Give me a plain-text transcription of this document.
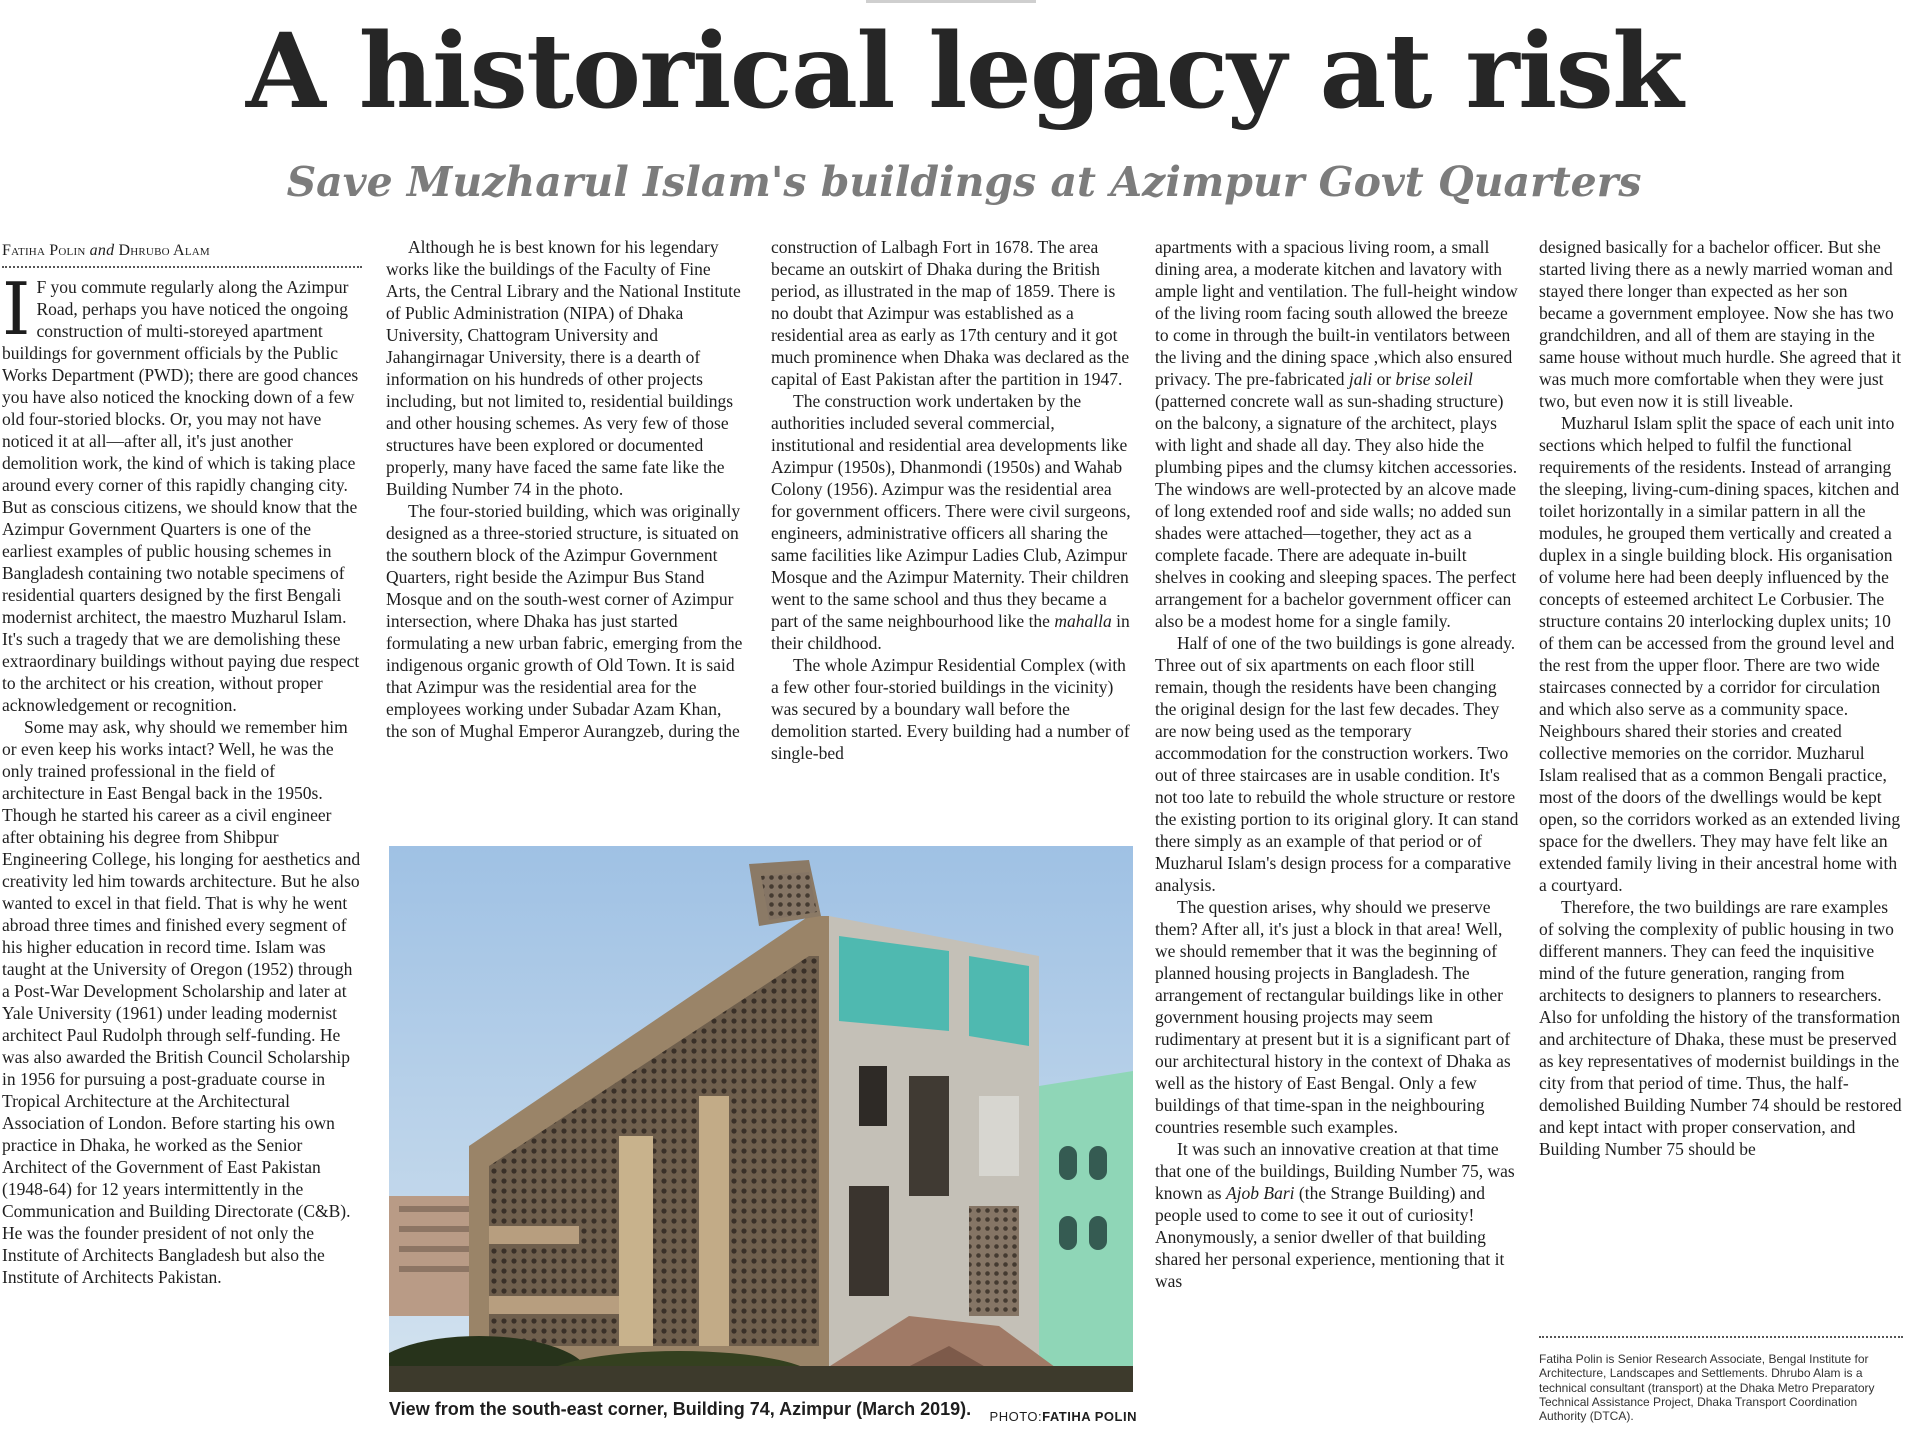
A historical legacy at risk
Save Muzharul Islam's buildings at Azimpur Govt Quarters
Fatiha Polin and Dhrubo Alam

I F you commute regularly along the Azimpur Road, perhaps you have noticed the ongoing construction of multi-storeyed apartment buildings for government officials by the Public Works Department (PWD); there are good chances you have also noticed the knocking down of a few old four-storied blocks. Or, you may not have noticed it at all—after all, it's just another demolition work, the kind of which is taking place around every corner of this rapidly changing city. But as conscious citizens, we should know that the Azimpur Government Quarters is one of the earliest examples of public housing schemes in Bangladesh containing two notable specimens of residential quarters designed by the first Bengali modernist architect, the maestro Muzharul Islam. It's such a tragedy that we are demolishing these extraordinary buildings without paying due respect to the architect or his creation, without proper acknowledgement or recognition.

Some may ask, why should we remember him or even keep his works intact? Well, he was the only trained professional in the field of architecture in East Bengal back in the 1950s. Though he started his career as a civil engineer after obtaining his degree from Shibpur Engineering College, his longing for aesthetics and creativity led him towards architecture. But he also wanted to excel in that field. That is why he went abroad three times and finished every segment of his higher education in record time. Islam was taught at the University of Oregon (1952) through a Post-War Development Scholarship and later at Yale University (1961) under leading modernist architect Paul Rudolph through self-funding. He was also awarded the British Council Scholarship in 1956 for pursuing a post-graduate course in Tropical Architecture at the Architectural Association of London. Before starting his own practice in Dhaka, he worked as the Senior Architect of the Government of East Pakistan (1948-64) for 12 years intermittently in the Communication and Building Directorate (C&B). He was the founder president of not only the Institute of Architects Bangladesh but also the Institute of Architects Pakistan.

Although he is best known for his legendary works like the buildings of the Faculty of Fine Arts, the Central Library and the National Institute of Public Administration (NIPA) of Dhaka University, Chattogram University and Jahangirnagar University, there is a dearth of information on his hundreds of other projects including, but not limited to, residential buildings and other housing schemes. As very few of those structures have been explored or documented properly, many have faced the same fate like the Building Number 74 in the photo.

The four-storied building, which was originally designed as a three-storied structure, is situated on the southern block of the Azimpur Government Quarters, right beside the Azimpur Bus Stand Mosque and on the south-west corner of Azimpur intersection, where Dhaka has just started formulating a new urban fabric, emerging from the indigenous organic growth of Old Town. It is said that Azimpur was the residential area for the employees working under Subadar Azam Khan, the son of Mughal Emperor Aurangzeb, during the

construction of Lalbagh Fort in 1678. The area became an outskirt of Dhaka during the British period, as illustrated in the map of 1859. There is no doubt that Azimpur was established as a residential area as early as 17th century and it got much prominence when Dhaka was declared as the capital of East Pakistan after the partition in 1947.

The construction work undertaken by the authorities included several commercial, institutional and residential area developments like Azimpur (1950s), Dhanmondi (1950s) and Wahab Colony (1956). Azimpur was the residential area for government officers. There were civil surgeons, engineers, administrative officers all sharing the same facilities like Azimpur Ladies Club, Azimpur Mosque and the Azimpur Maternity. Their children went to the same school and thus they became a part of the same neighbourhood like the mahalla in their childhood.

The whole Azimpur Residential Complex (with a few other four-storied buildings in the vicinity) was secured by a boundary wall before the demolition started. Every building had a number of single-bed

apartments with a spacious living room, a small dining area, a moderate kitchen and lavatory with ample light and ventilation. The full-height window of the living room facing south allowed the breeze to come in through the built-in ventilators between the living and the dining space ,which also ensured privacy. The pre-fabricated jali or brise soleil (patterned concrete wall as sun-shading structure) on the balcony, a signature of the architect, plays with light and shade all day. They also hide the plumbing pipes and the clumsy kitchen accessories. The windows are well-protected by an alcove made of long extended roof and side walls; no added sun shades were attached—together, they act as a complete facade. There are adequate in-built shelves in cooking and sleeping spaces. The perfect arrangement for a bachelor government officer can also be a modest home for a single family.

Half of one of the two buildings is gone already. Three out of six apartments on each floor still remain, though the residents have been changing the original design for the last few decades. They are now being used as the temporary accommodation for the construction workers. Two out of three staircases are in usable condition. It's not too late to rebuild the whole structure or restore the existing portion to its original glory. It can stand there simply as an example of that period or of Muzharul Islam's design process for a comparative analysis.

The question arises, why should we preserve them? After all, it's just a block in that area! Well, we should remember that it was the beginning of planned housing projects in Bangladesh. The arrangement of rectangular buildings like in other government housing projects may seem rudimentary at present but it is a significant part of our architectural history in the context of Dhaka as well as the history of East Bengal. Only a few buildings of that time-span in the neighbouring countries resemble such examples.

It was such an innovative creation at that time that one of the buildings, Building Number 75, was known as Ajob Bari (the Strange Building) and people used to come to see it out of curiosity! Anonymously, a senior dweller of that building shared her personal experience, mentioning that it was

designed basically for a bachelor officer. But she started living there as a newly married woman and stayed there longer than expected as her son became a government employee. Now she has two grandchildren, and all of them are staying in the same house without much hurdle. She agreed that it was much more comfortable when they were just two, but even now it is still liveable.

Muzharul Islam split the space of each unit into sections which helped to fulfil the functional requirements of the residents. Instead of arranging the sleeping, living-cum-dining spaces, kitchen and toilet horizontally in a similar pattern in all the modules, he grouped them vertically and created a duplex in a single building block. His organisation of volume here had been deeply influenced by the concepts of esteemed architect Le Corbusier. The structure contains 20 interlocking duplex units; 10 of them can be accessed from the ground level and the rest from the upper floor. There are two wide staircases connected by a corridor for circulation and which also serve as a community space. Neighbours shared their stories and created collective memories on the corridor. Muzharul Islam realised that as a common Bengali practice, most of the doors of the dwellings would be kept open, so the corridors worked as an extended living space for the dwellers. They may have felt like an extended family living in their ancestral home with a courtyard.

Therefore, the two buildings are rare examples of solving the complexity of public housing in two different manners. They can feed the inquisitive mind of the future generation, ranging from architects to designers to planners to researchers. Also for unfolding the history of the transformation and architecture of Dhaka, these must be preserved as key representatives of modernist buildings in the city from that period of time. Thus, the half-demolished Building Number 74 should be restored and kept intact with proper conservation, and Building Number 75 should be

View from the south-east corner, Building 74, Azimpur (March 2019).	PHOTO:FATIHA POLIN
Fatiha Polin is Senior Research Associate, Bengal Institute for Architecture, Landscapes and Settlements. Dhrubo Alam is a technical consultant (transport) at the Dhaka Metro Preparatory Technical Assistance Project, Dhaka Transport Coordination Authority (DTCA).
